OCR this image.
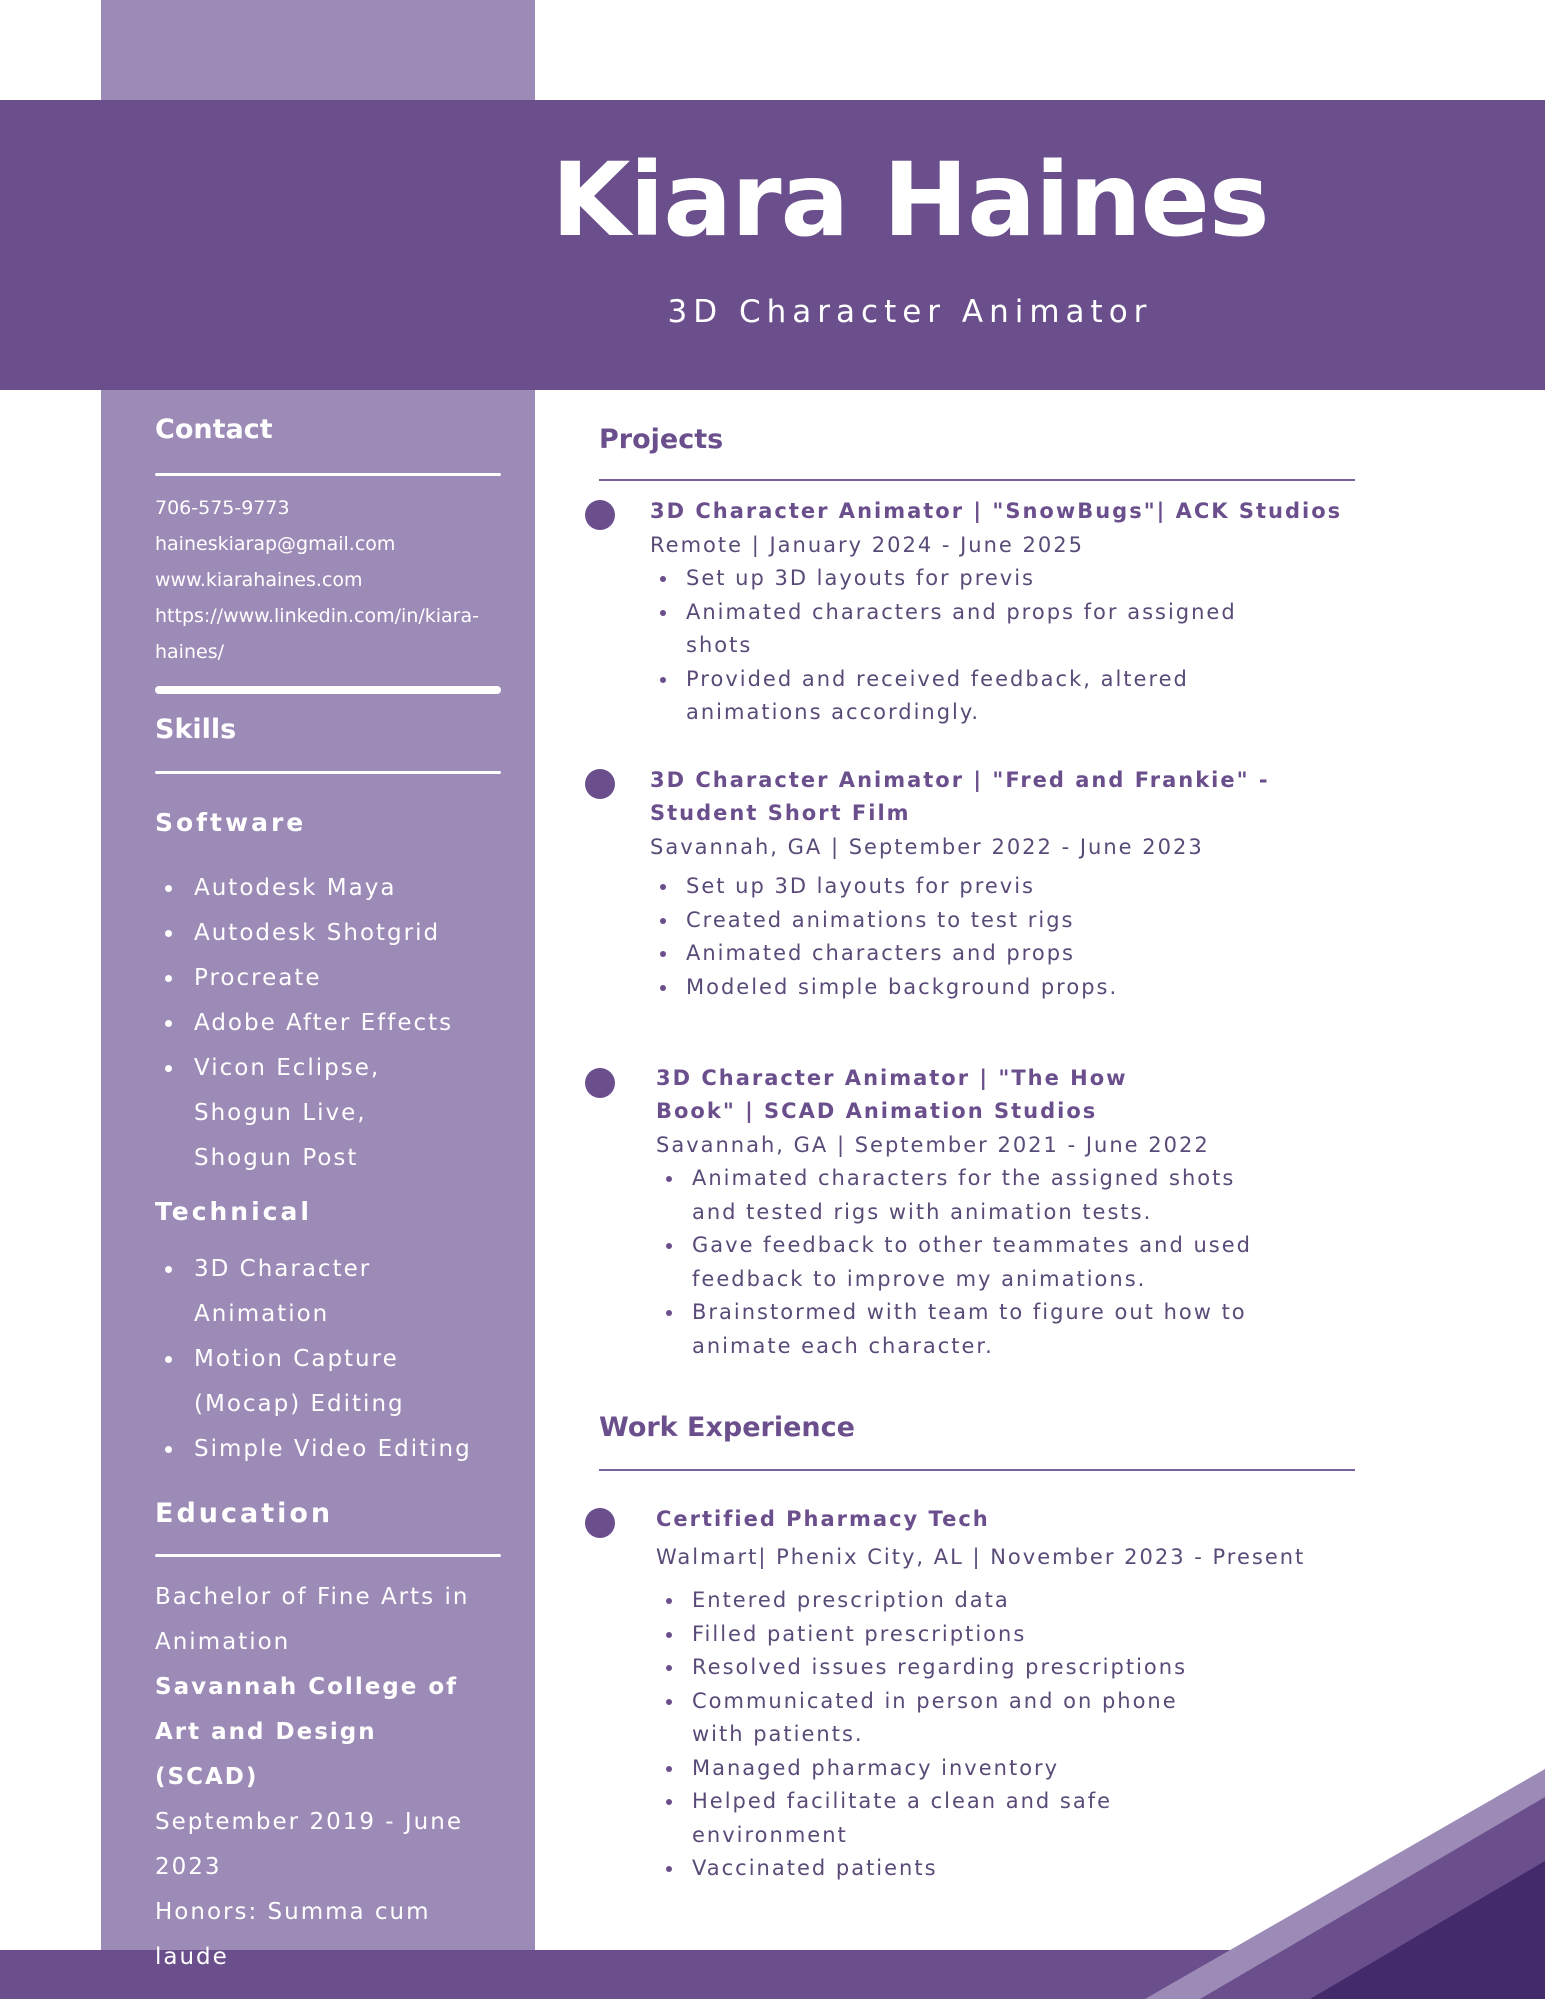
Kiara Haines
3D Character Animator
Contact
706-575-9773
haineskiarap@gmail.com
www.kiarahaines.com
https://www.linkedin.com/in/kiara-
haines/
Skills
Software
Autodesk Maya
Autodesk Shotgrid
Procreate
Adobe After Effects
Vicon Eclipse, Shogun Live, Shogun Post
Technical
3D Character Animation
Motion Capture (Mocap) Editing
Simple Video Editing
Education
Bachelor of Fine Arts in Animation
Savannah College of Art and Design (SCAD)
September 2019 - June 2023
Honors: Summa cum laude
Projects
3D Character Animator | "SnowBugs"| ACK Studios
Remote | January 2024 - June 2025
Set up 3D layouts for previs
Animated characters and props for assigned shots
Provided and received feedback, altered animations accordingly.
3D Character Animator | "Fred and Frankie" - Student Short Film
Savannah, GA | September 2022 - June 2023
Set up 3D layouts for previs
Created animations to test rigs
Animated characters and props
Modeled simple background props.
3D Character Animator | "The How Book" | SCAD Animation Studios
Savannah, GA | September 2021 - June 2022
Animated characters for the assigned shots and tested rigs with animation tests.
Gave feedback to other teammates and used feedback to improve my animations.
Brainstormed with team to figure out how to animate each character.
Work Experience
Certified Pharmacy Tech
Walmart| Phenix City, AL | November 2023 - Present
Entered prescription data
Filled patient prescriptions
Resolved issues regarding prescriptions
Communicated in person and on phone with patients.
Managed pharmacy inventory
Helped facilitate a clean and safe environment
Vaccinated patients
